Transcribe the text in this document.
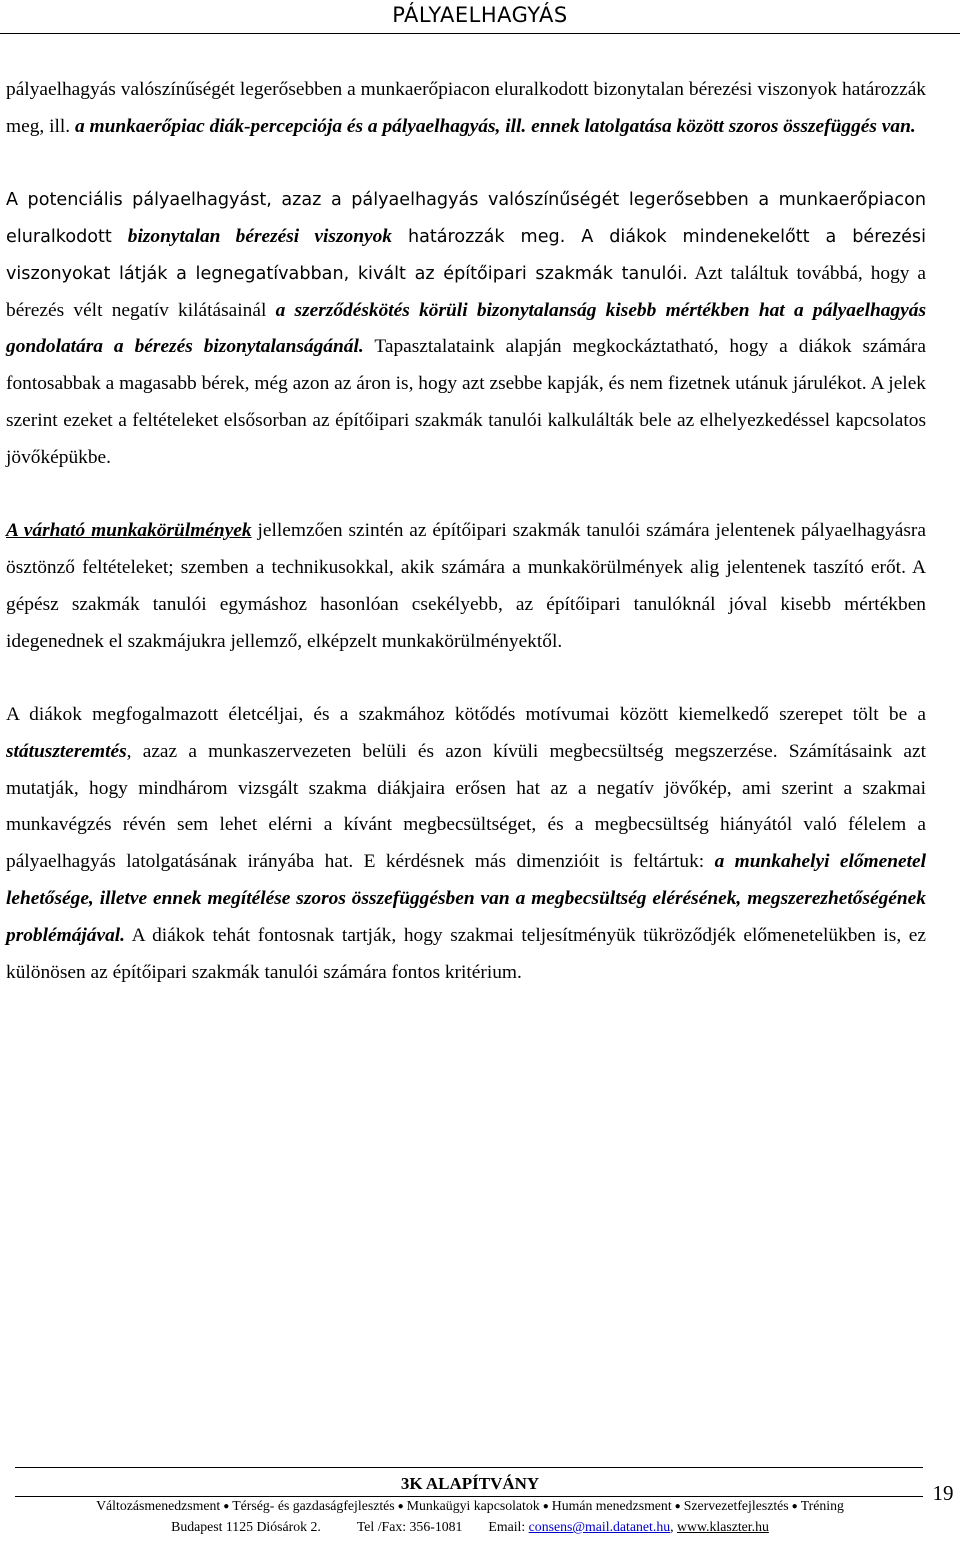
PÁLYAELHAGYÁS

pályaelhagyás valószínűségét legerősebben a munkaerőpiacon eluralkodott bizonytalan bérezési viszonyok határozzák meg, ill. a munkaerőpiac diák-percepciója és a pályaelhagyás, ill. ennek latolgatása között szoros összefüggés van.

A potenciális pályaelhagyást, azaz a pályaelhagyás valószínűségét legerősebben a munkaerőpiacon eluralkodott bizonytalan bérezési viszonyok határozzák meg. A diákok mindenekelőtt a bérezési viszonyokat látják a legnegatívabban, kivált az építőipari szakmák tanulói. Azt találtuk továbbá, hogy a bérezés vélt negatív kilátásainál a szerződéskötés körüli bizonytalanság kisebb mértékben hat a pályaelhagyás gondolatára a bérezés bizonytalanságánál. Tapasztalataink alapján megkockáztatható, hogy a diákok számára fontosabbak a magasabb bérek, még azon az áron is, hogy azt zsebbe kapják, és nem fizetnek utánuk járulékot. A jelek szerint ezeket a feltételeket elsősorban az építőipari szakmák tanulói kalkulálták bele az elhelyezkedéssel kapcsolatos jövőképükbe.

A várható munkakörülmények jellemzően szintén az építőipari szakmák tanulói számára jelentenek pályaelhagyásra ösztönző feltételeket; szemben a technikusokkal, akik számára a munkakörülmények alig jelentenek taszító erőt. A gépész szakmák tanulói egymáshoz hasonlóan csekélyebb, az építőipari tanulóknál jóval kisebb mértékben idegenednek el szakmájukra jellemző, elképzelt munkakörülményektől.

A diákok megfogalmazott életcéljai, és a szakmához kötődés motívumai között kiemelkedő szerepet tölt be a státuszteremtés, azaz a munkaszervezeten belüli és azon kívüli megbecsültség megszerzése. Számításaink azt mutatják, hogy mindhárom vizsgált szakma diákjaira erősen hat az a negatív jövőkép, ami szerint a szakmai munkavégzés révén sem lehet elérni a kívánt megbecsültséget, és a megbecsültség hiányától való félelem a pályaelhagyás latolgatásának irányába hat. E kérdésnek más dimenzióit is feltártuk: a munkahelyi előmenetel lehetősége, illetve ennek megítélése szoros összefüggésben van a megbecsültség elérésének, megszerezhetőségének problémájával. A diákok tehát fontosnak tartják, hogy szakmai teljesítményük tükröződjék előmenetelükben is, ez különösen az építőipari szakmák tanulói számára fontos kritérium.

3K ALAPÍTVÁNY
Változásmenedzsment ● Térség- és gazdaságfejlesztés ● Munkaügyi kapcsolatok ● Humán menedzsment ● Szervezetfejlesztés ● Tréning
Budapest 1125 Diósárok 2.	Tel /Fax: 356-1081 Email: consens@mail.datanet.hu, www.klaszter.hu
19
